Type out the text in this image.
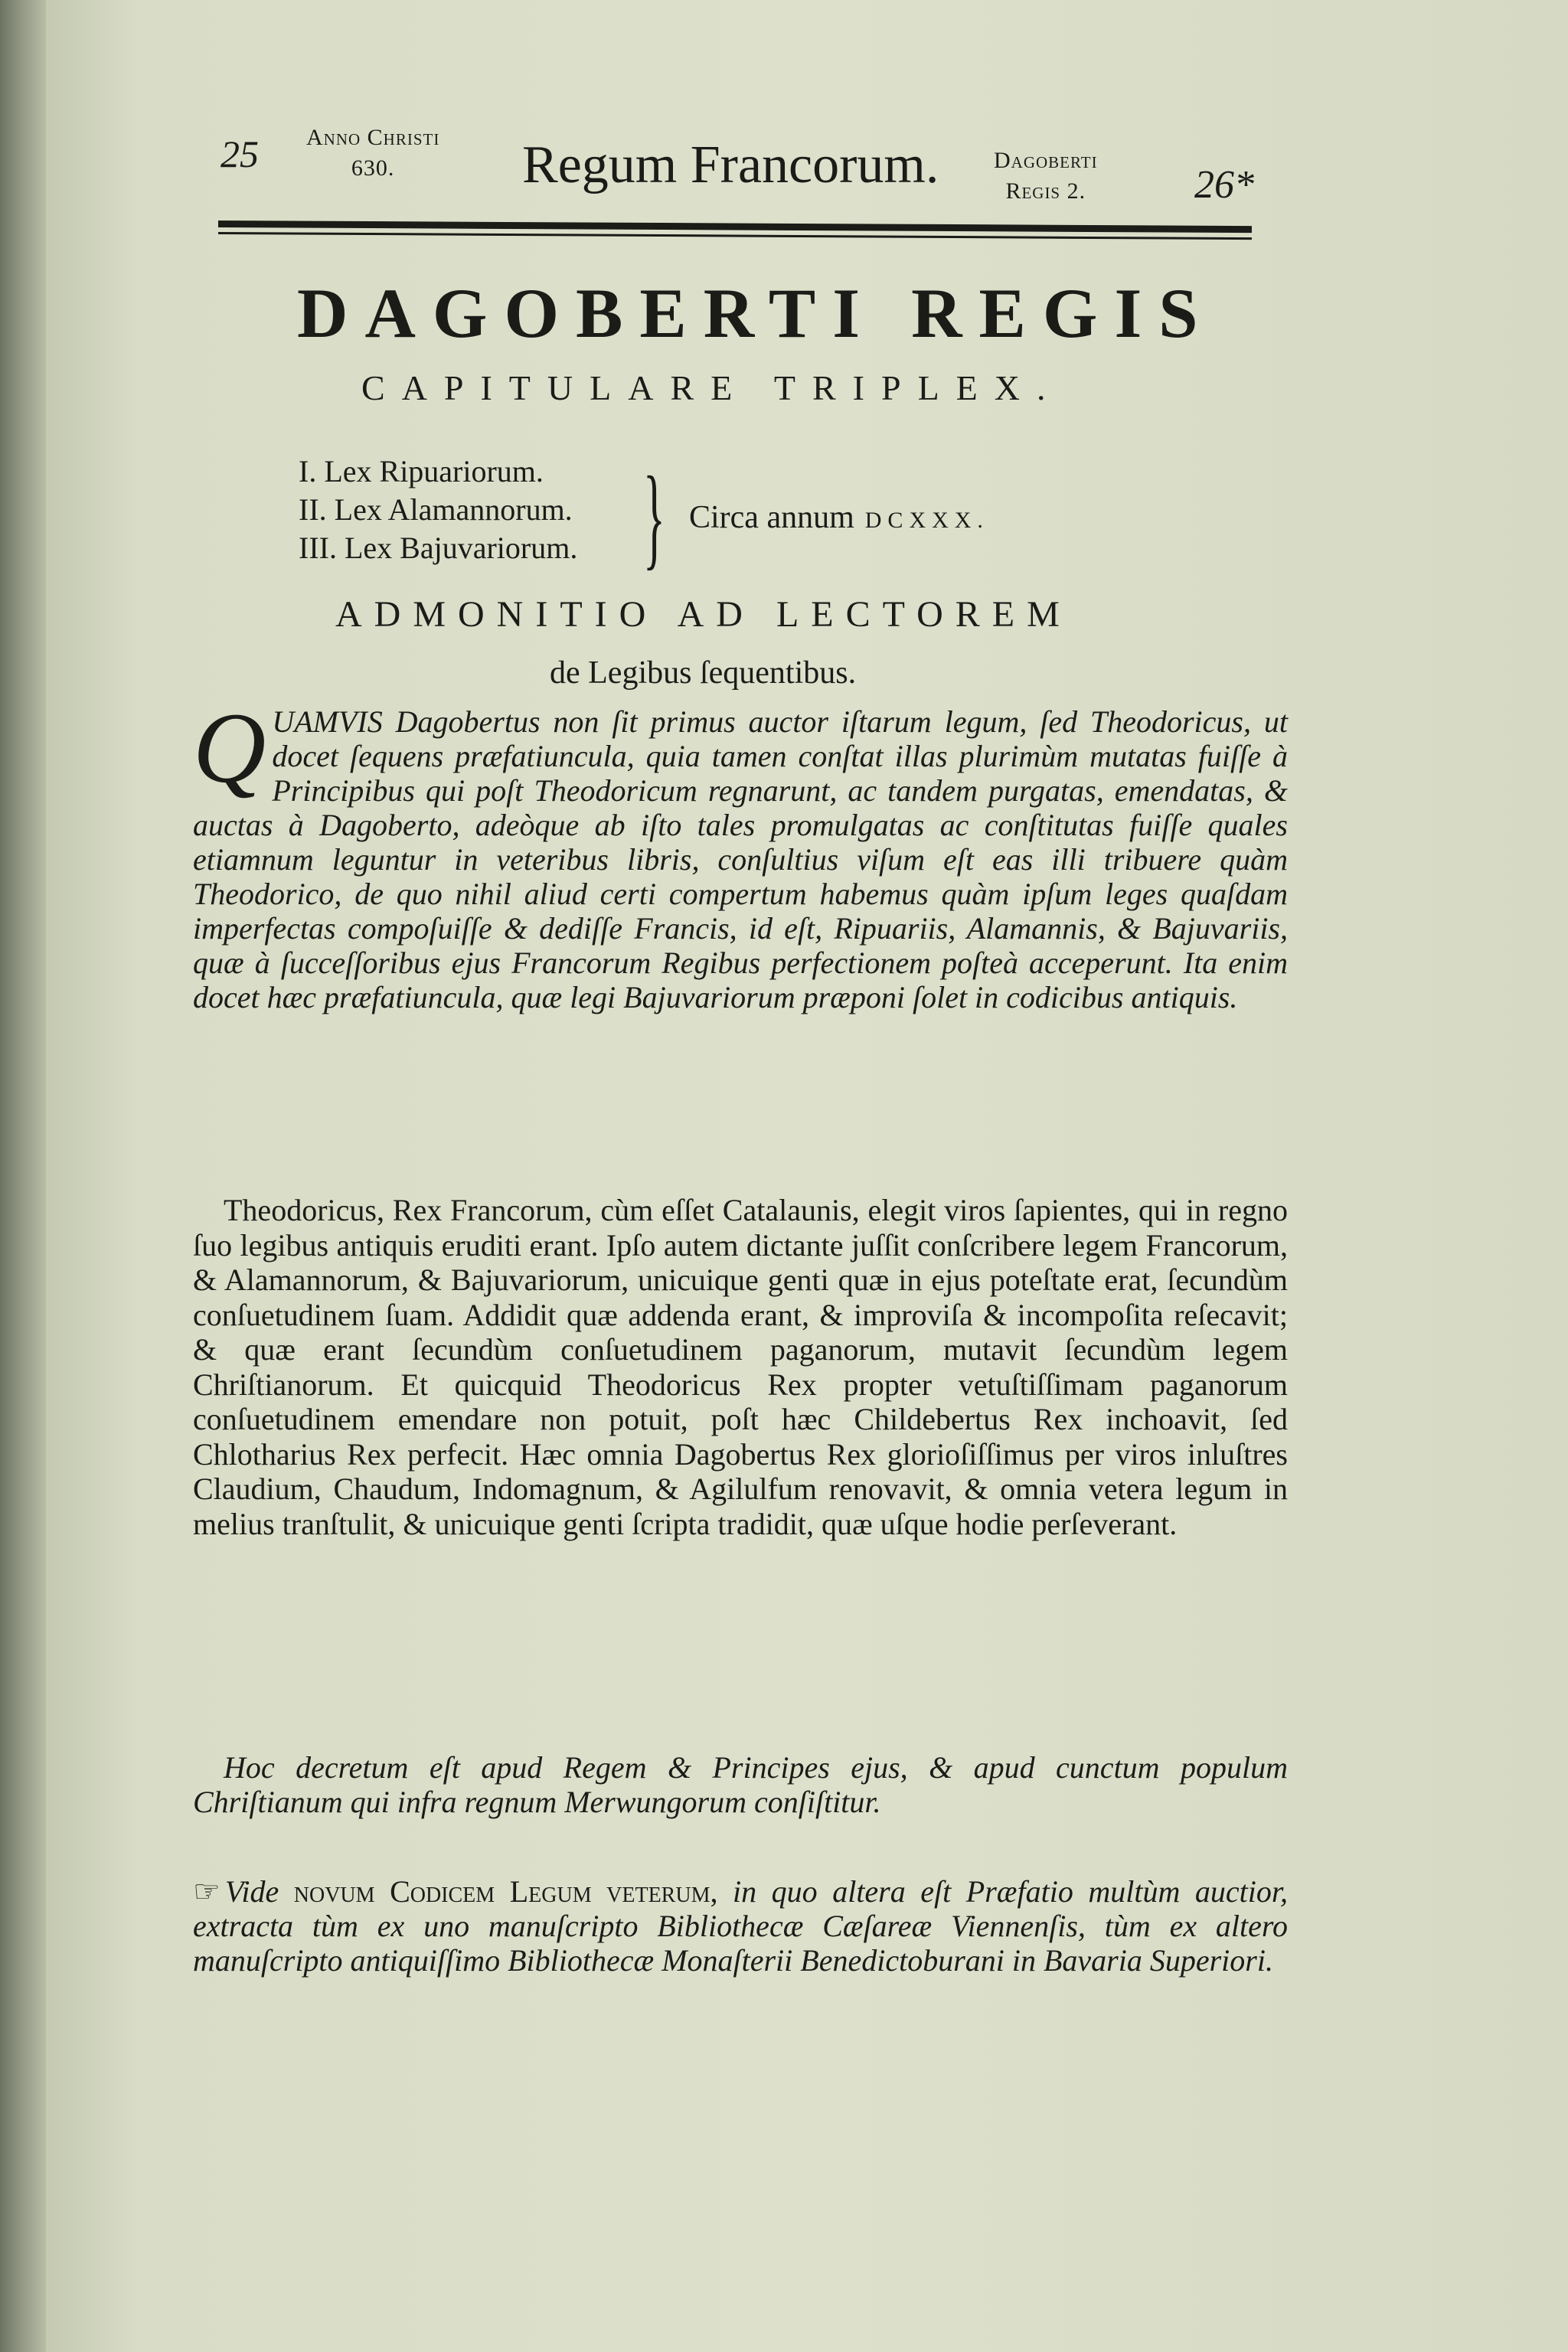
25 Anno Christi
630.	Regum Francorum. Dagoberti
Regis 2.	26*
DAGOBERTI REGIS
CAPITULARE TRIPLEX.
I. Lex Ripuariorum.
II. Lex Alamannorum.
III. Lex Bajuvariorum. } Circa annum DCXXX.
ADMONITIO AD LECTOREM
de Legibus ſequentibus.
QUAMVIS Dagobertus non ſit primus auctor iſtarum legum, ſed Theodoricus, ut docet ſequens præfatiuncula, quia tamen conſtat illas plurimùm mutatas fuiſſe à Principibus qui poſt Theodoricum regnarunt, ac tandem purgatas, emendatas, & auctas à Dagoberto, adeòque ab iſto tales promulgatas ac conſtitutas fuiſſe quales etiamnum leguntur in veteribus libris, conſultius viſum eſt eas illi tribuere quàm Theodorico, de quo nihil aliud certi compertum habemus quàm ipſum leges quaſdam imperfectas compoſuiſſe & dediſſe Francis, id eſt, Ripuariis, Alamannis, & Bajuvariis, quæ à ſucceſſoribus ejus Francorum Regibus perfectionem poſteà acceperunt. Ita enim docet hæc præfatiuncula, quæ legi Bajuvariorum præponi ſolet in codicibus antiquis.
Theodoricus, Rex Francorum, cùm eſſet Catalaunis, elegit viros ſapientes, qui in regno ſuo legibus antiquis eruditi erant. Ipſo autem dictante juſſit conſcribere legem Francorum, & Alamannorum, & Bajuvariorum, unicuique genti quæ in ejus poteſtate erat, ſecundùm conſuetudinem ſuam. Addidit quæ addenda erant, & improviſa & incompoſita reſecavit; & quæ erant ſecundùm conſuetudinem paganorum, mutavit ſecundùm legem Chriſtianorum. Et quicquid Theodoricus Rex propter vetuſtiſſimam paganorum conſuetudinem emendare non potuit, poſt hæc Childebertus Rex inchoavit, ſed Chlotharius Rex perfecit. Hæc omnia Dagobertus Rex glorioſiſſimus per viros inluſtres Claudium, Chaudum, Indomagnum, & Agilulfum renovavit, & omnia vetera legum in melius tranſtulit, & unicuique genti ſcripta tradidit, quæ uſque hodie perſeverant.
Hoc decretum eſt apud Regem & Principes ejus, & apud cunctum populum Chriſtianum qui infra regnum Merwungorum conſiſtitur.
☞ Vide novum Codicem Legum veterum, in quo altera eſt Præfatio multùm auctior, extracta tùm ex uno manuſcripto Bibliothecæ Cæſareæ Viennenſis, tùm ex altero manuſcripto antiquiſſimo Bibliothecæ Monaſterii Benedictoburani in Bavaria Superiori.
